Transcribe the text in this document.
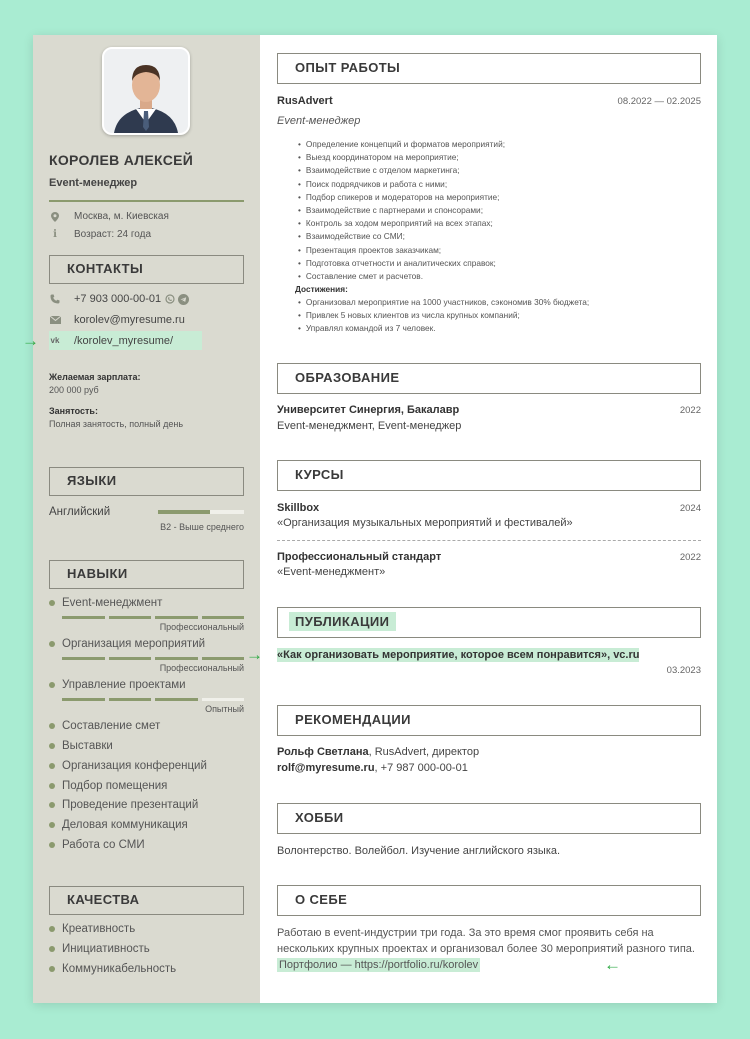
КОРОЛЕВ АЛЕКСЕЙ
Event-менеджер
Москва, м. Киевская
i	Возраст: 24 года
КОНТАКТЫ
+7 903 000-00-01
korolev@myresume.ru
vk /korolev_myresume/
Желаемая зарплата:
200 000 руб
Занятость:
Полная занятость, полный день
ЯЗЫКИ
Английский
B2 - Выше среднего
НАВЫКИ
Event-менеджмент
Профессиональный
Организация мероприятий
Профессиональный
Управление проектами
Опытный
Составление смет
Выставки
Организация конференций
Подбор помещения
Проведение презентаций
Деловая коммуникация
Работа со СМИ
КАЧЕСТВА
Креативность
Инициативность
Коммуникабельность
ОПЫТ РАБОТЫ
RusAdvert	08.2022 — 02.2025
Event-менеджер
• Определение концепций и форматов мероприятий;
• Выезд координатором на мероприятие;
• Взаимодействие с отделом маркетинга;
• Поиск подрядчиков и работа с ними;
• Подбор спикеров и модераторов на мероприятие;
• Взаимодействие с партнерами и спонсорами;
• Контроль за ходом мероприятий на всех этапах;
• Взаимодействие со СМИ;
• Презентация проектов заказчикам;
• Подготовка отчетности и аналитических справок;
• Составление смет и расчетов.
Достижения:
• Организовал мероприятие на 1000 участников, сэкономив 30% бюджета;
• Привлек 5 новых клиентов из числа крупных компаний;
• Управлял командой из 7 человек.
ОБРАЗОВАНИЕ
Университет Синергия, Бакалавр	2022
Event-менеджмент, Event-менеджер
КУРСЫ
Skillbox	2024
«Организация музыкальных мероприятий и фестивалей»
Профессиональный стандарт	2022
«Event-менеджмент»
ПУБЛИКАЦИИ
«Как организовать мероприятие, которое всем понравится», vc.ru
03.2023
РЕКОМЕНДАЦИИ
Рольф Светлана, RusAdvert, директор
rolf@myresume.ru, +7 987 000-00-01
ХОББИ
Волонтерство. Волейбол. Изучение английского языка.
О СЕБЕ
Работаю в event-индустрии три года. За это время смог проявить себя на нескольких крупных проектах и организовал более 30 мероприятий разного типа. Портфолио — https://portfolio.ru/korolev
→
→
←
